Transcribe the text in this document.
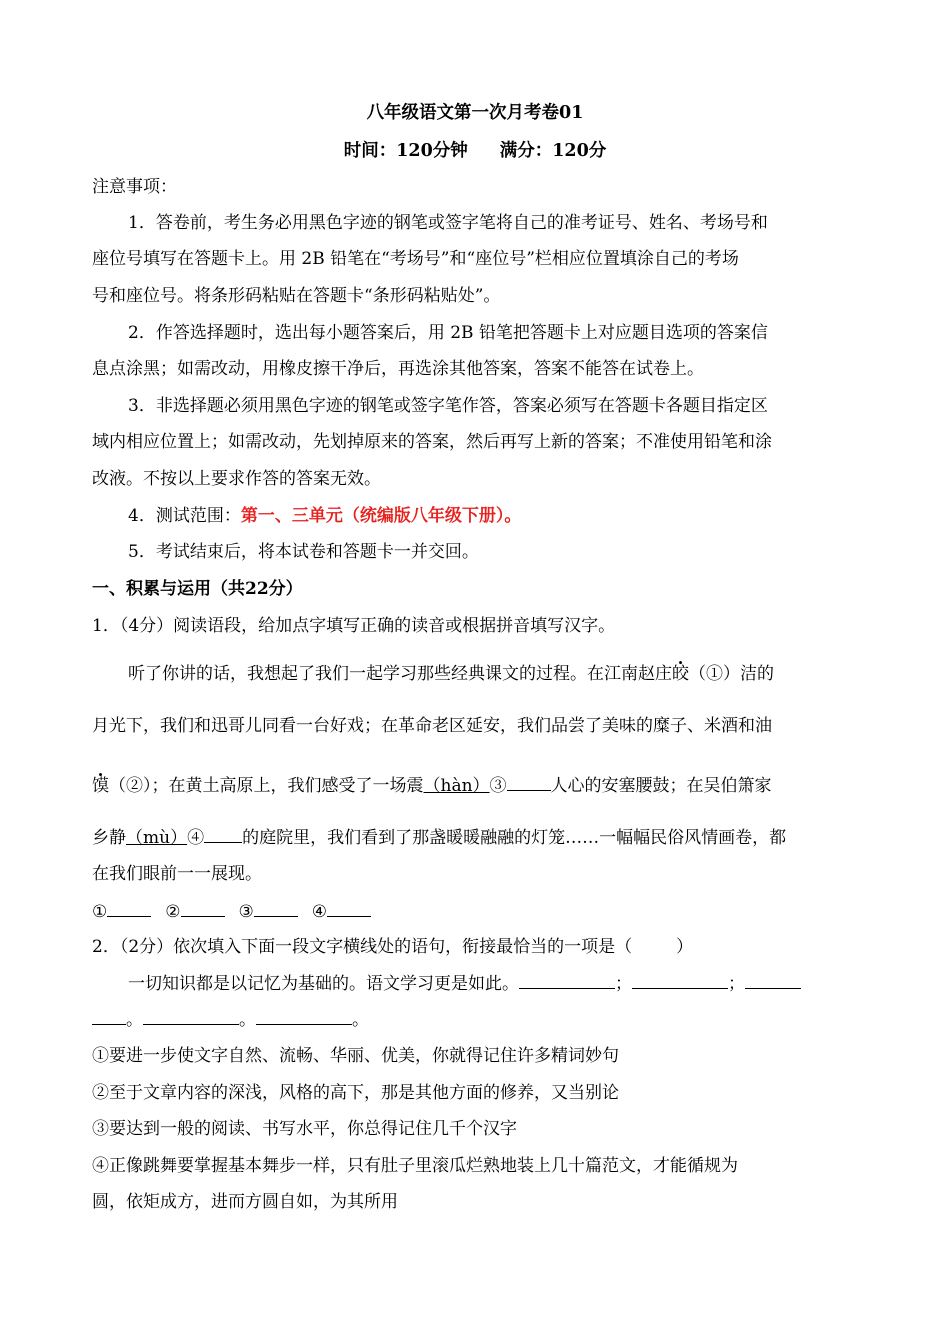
八年级语文第一次月考卷01
时间：120分钟 满分：120分
注意事项：
1．答卷前，考生务必用黑色字迹的钢笔或签字笔将自己的准考证号、姓名、考场号和
座位号填写在答题卡上。用 2B 铅笔在“考场号”和“座位号”栏相应位置填涂自己的考场
号和座位号。将条形码粘贴在答题卡“条形码粘贴处”。
2．作答选择题时，选出每小题答案后，用 2B 铅笔把答题卡上对应题目选项的答案信
息点涂黑；如需改动，用橡皮擦干净后，再选涂其他答案，答案不能答在试卷上。
3．非选择题必须用黑色字迹的钢笔或签字笔作答，答案必须写在答题卡各题目指定区
域内相应位置上；如需改动，先划掉原来的答案，然后再写上新的答案；不准使用铅笔和涂
改液。不按以上要求作答的答案无效。
4．测试范围：第一、三单元（统编版八年级下册）。
5．考试结束后，将本试卷和答题卡一并交回。
一、积累与运用（共22分）
1．（4分）阅读语段，给加点字填写正确的读音或根据拼音填写汉字。
听了你讲的话，我想起了我们一起学习那些经典课文的过程。在江南赵庄皎（①）洁的
月光下，我们和迅哥儿同看一台好戏；在革命老区延安，我们品尝了美味的糜子、米酒和油
馍（②）；在黄土高原上，我们感受了一场震（hàn）③	人心的安塞腰鼓；在吴伯箫家
乡静（mù）④ 的庭院里，我们看到了那盏暖暖融融的灯笼……一幅幅民俗风情画卷，都
在我们眼前一一展现。
①	②	③	④
2．（2分）依次填入下面一段文字横线处的语句，衔接最恰当的一项是（	）
一切知识都是以记忆为基础的。语文学习更是如此。	；	；
。	。	。
①要进一步使文字自然、流畅、华丽、优美，你就得记住许多精词妙句
②至于文章内容的深浅，风格的高下，那是其他方面的修养，又当别论
③要达到一般的阅读、书写水平，你总得记住几千个汉字
④正像跳舞要掌握基本舞步一样，只有肚子里滚瓜烂熟地装上几十篇范文，才能循规为
圆，依矩成方，进而方圆自如，为其所用
